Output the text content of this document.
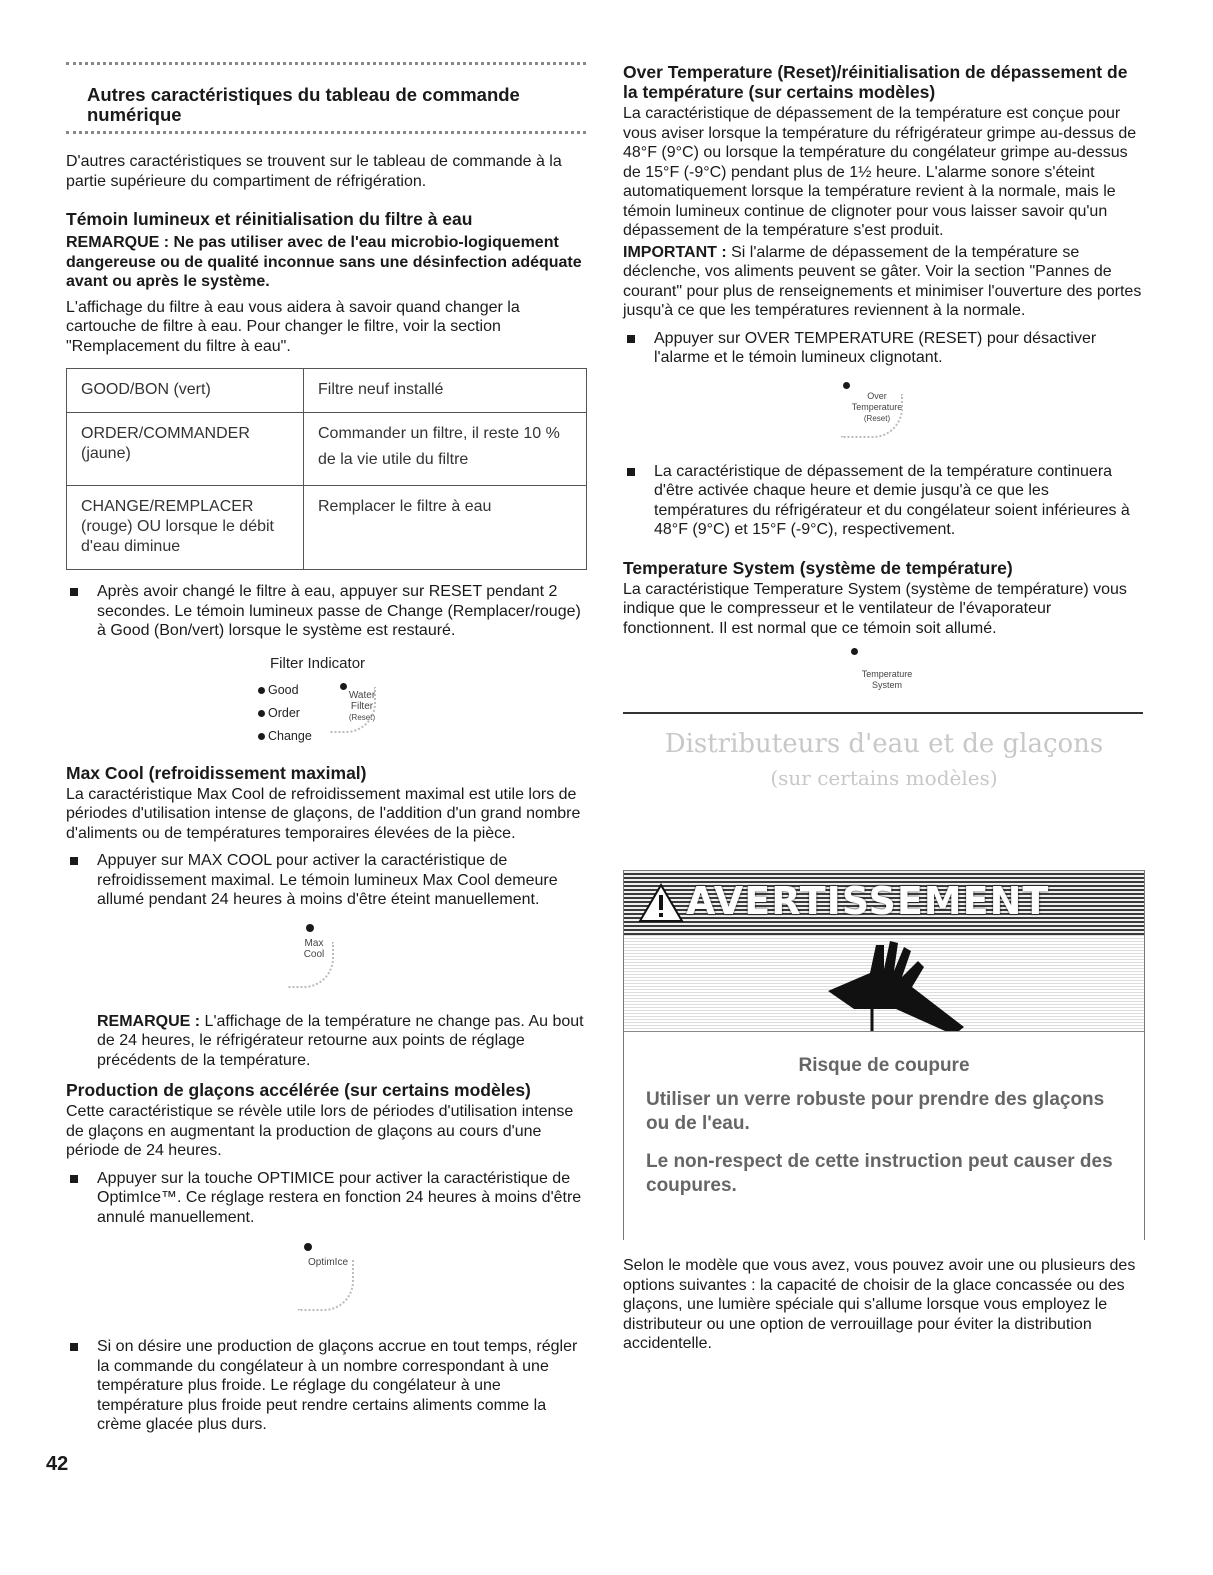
Autres caractéristiques du tableau de commande numérique

D'autres caractéristiques se trouvent sur le tableau de commande à la partie supérieure du compartiment de réfrigération.

Témoin lumineux et réinitialisation du filtre à eau

REMARQUE : Ne pas utiliser avec de l'eau microbio-logiquement dangereuse ou de qualité inconnue sans une désinfection adéquate avant ou après le système.

L'affichage du filtre à eau vous aidera à savoir quand changer la cartouche de filtre à eau. Pour changer le filtre, voir la section "Remplacement du filtre à eau".

GOOD/BON (vert)	Filtre neuf installé
ORDER/COMMANDER (jaune)	Commander un filtre, il reste 10 % de la vie utile du filtre
CHANGE/REMPLACER (rouge) OU lorsque le débit d'eau diminue	Remplacer le filtre à eau

Après avoir changé le filtre à eau, appuyer sur RESET pendant 2 secondes. Le témoin lumineux passe de Change (Remplacer/rouge) à Good (Bon/vert) lorsque le système est restauré.

Filter Indicator
Good
Order
Change
Water
Filter
(Reset)
Max Cool (refroidissement maximal)

La caractéristique Max Cool de refroidissement maximal est utile lors de périodes d'utilisation intense de glaçons, de l'addition d'un grand nombre d'aliments ou de températures temporaires élevées de la pièce.

Appuyer sur MAX COOL pour activer la caractéristique de refroidissement maximal. Le témoin lumineux Max Cool demeure allumé pendant 24 heures à moins d'être éteint manuellement.

Max
Cool

REMARQUE : L'affichage de la température ne change pas. Au bout de 24 heures, le réfrigérateur retourne aux points de réglage précédents de la température.

Production de glaçons accélérée (sur certains modèles)

Cette caractéristique se révèle utile lors de périodes d'utilisation intense de glaçons en augmentant la production de glaçons au cours d'une période de 24 heures.

Appuyer sur la touche OPTIMICE pour activer la caractéristique de OptimIce™. Ce réglage restera en fonction 24 heures à moins d'être annulé manuellement.

OptimIce

Si on désire une production de glaçons accrue en tout temps, régler la commande du congélateur à un nombre correspondant à une température plus froide. Le réglage du congélateur à une température plus froide peut rendre certains aliments comme la crème glacée plus durs.

42
Over Temperature (Reset)/réinitialisation de dépassement de la température (sur certains modèles)

La caractéristique de dépassement de la température est conçue pour vous aviser lorsque la température du réfrigérateur grimpe au-dessus de 48°F (9°C) ou lorsque la température du congélateur grimpe au-dessus de 15°F (-9°C) pendant plus de 1½ heure. L'alarme sonore s'éteint automatiquement lorsque la température revient à la normale, mais le témoin lumineux continue de clignoter pour vous laisser savoir qu'un dépassement de la température s'est produit.

IMPORTANT : Si l'alarme de dépassement de la température se déclenche, vos aliments peuvent se gâter. Voir la section "Pannes de courant" pour plus de renseignements et minimiser l'ouverture des portes jusqu'à ce que les températures reviennent à la normale.

Appuyer sur OVER TEMPERATURE (RESET) pour désactiver l'alarme et le témoin lumineux clignotant.

Over
Temperature
(Reset)

La caractéristique de dépassement de la température continuera d'être activée chaque heure et demie jusqu'à ce que les températures du réfrigérateur et du congélateur soient inférieures à 48°F (9°C) et 15°F (-9°C), respectivement.

Temperature System (système de température)

La caractéristique Temperature System (système de température) vous indique que le compresseur et le ventilateur de l'évaporateur fonctionnent. Il est normal que ce témoin soit allumé.

Temperature
System
Distributeurs d'eau et de glaçons
(sur certains modèles)
AVERTISSEMENT

Risque de coupure

Utiliser un verre robuste pour prendre des glaçons ou de l'eau.

Le non-respect de cette instruction peut causer des coupures.

Selon le modèle que vous avez, vous pouvez avoir une ou plusieurs des options suivantes : la capacité de choisir de la glace concassée ou des glaçons, une lumière spéciale qui s'allume lorsque vous employez le distributeur ou une option de verrouillage pour éviter la distribution accidentelle.
